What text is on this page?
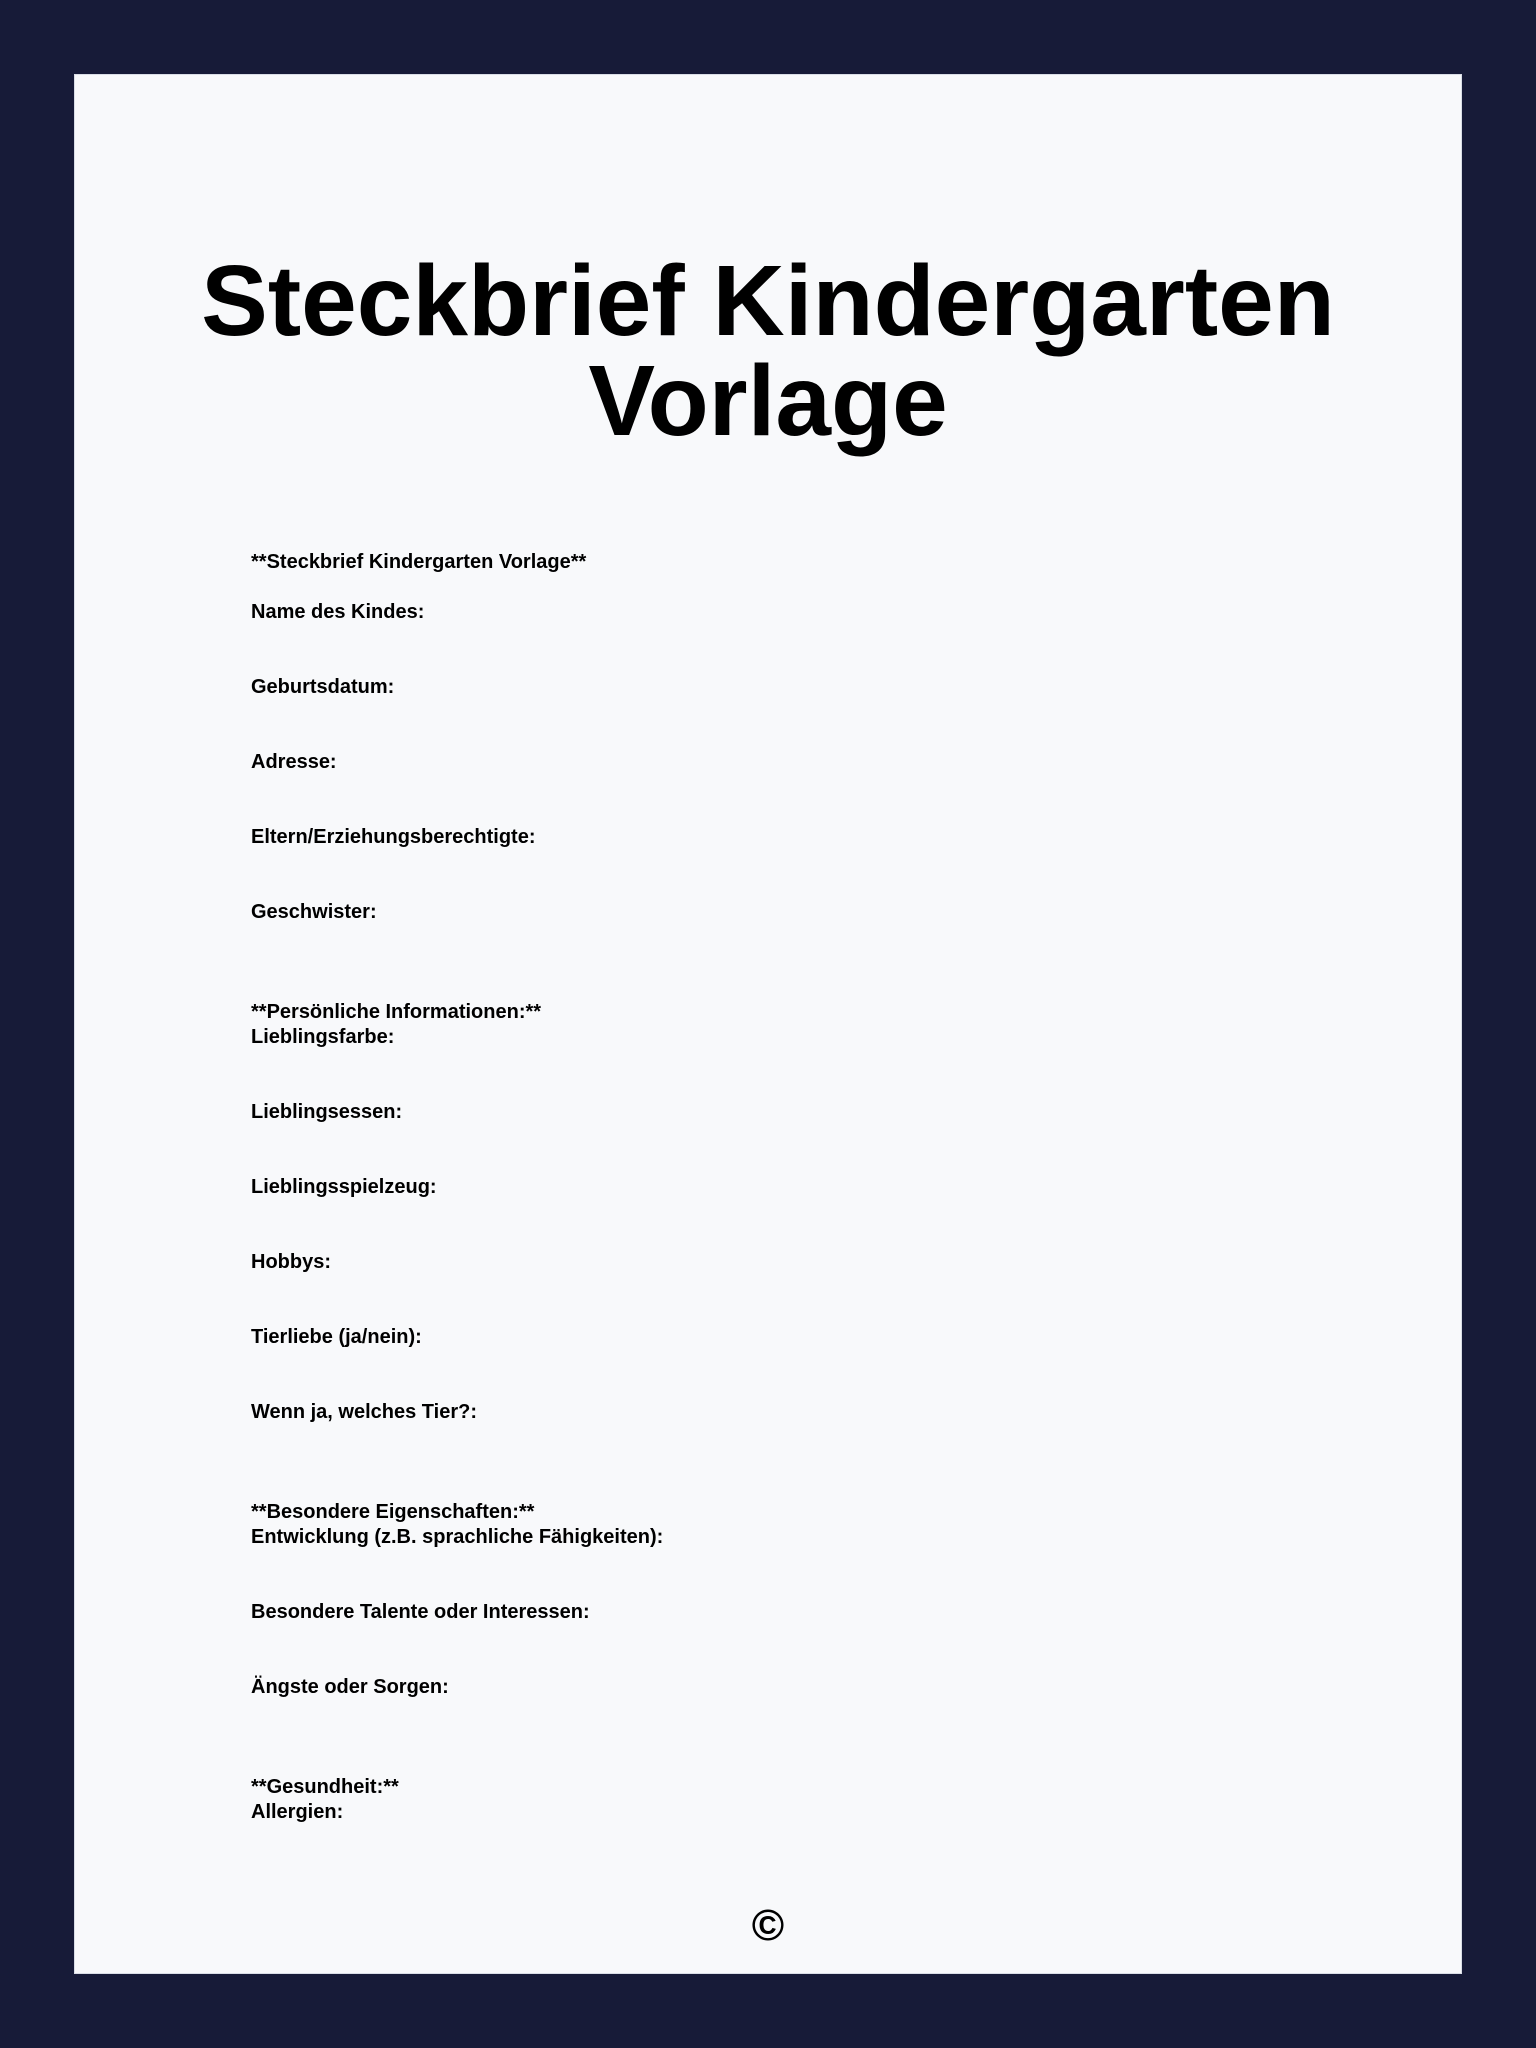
Steckbrief Kindergarten Vorlage
**Steckbrief Kindergarten Vorlage**
Name des Kindes:
Geburtsdatum:
Adresse:
Eltern/Erziehungsberechtigte:
Geschwister:
**Persönliche Informationen:**
Lieblingsfarbe:
Lieblingsessen:
Lieblingsspielzeug:
Hobbys:
Tierliebe (ja/nein):
Wenn ja, welches Tier?:
**Besondere Eigenschaften:**
Entwicklung (z.B. sprachliche Fähigkeiten):
Besondere Talente oder Interessen:
Ängste oder Sorgen:
**Gesundheit:**
Allergien:
©
